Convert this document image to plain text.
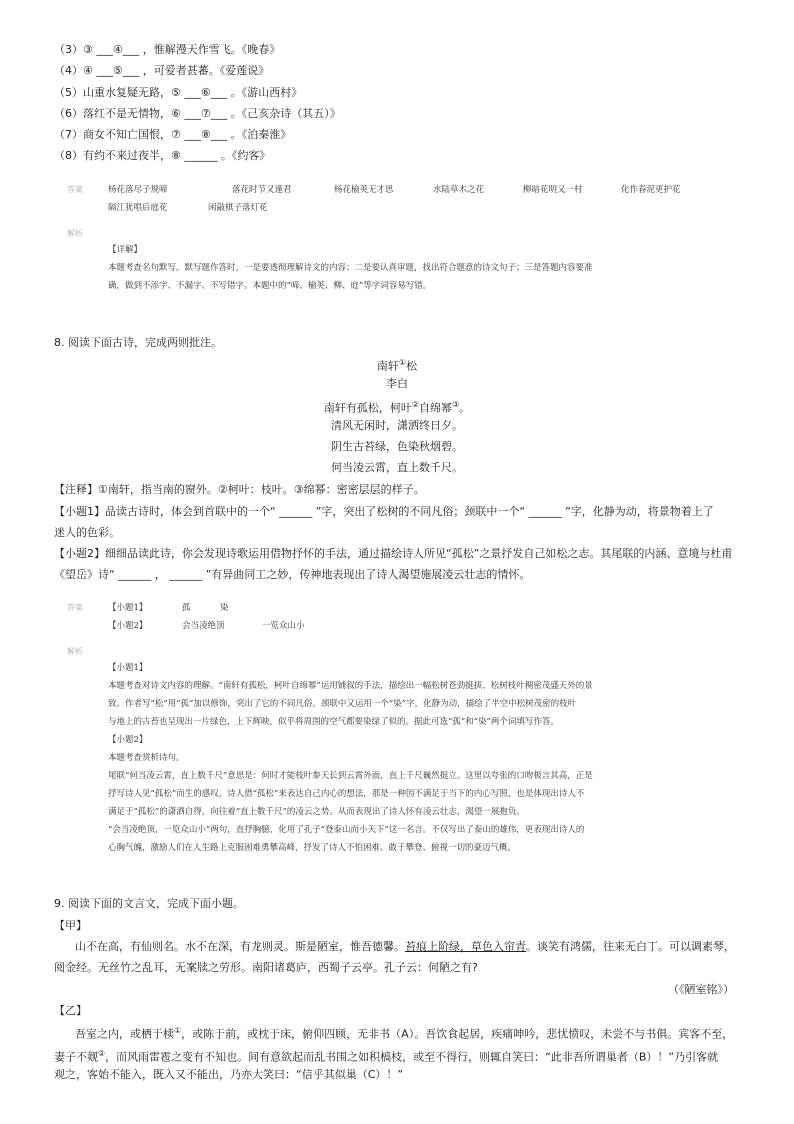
（3）③ ___④___ ，惟解漫天作雪飞。《晚春》
（4）④ ___⑤___ ，可爱者甚蕃。《爱莲说》
（5）山重水复疑无路，⑤ ___⑥___ 。《游山西村》
（6）落红不是无情物，⑥ ___⑦___ 。《己亥杂诗（其五）》
（7）商女不知亡国恨，⑦ ___⑧___ 。《泊秦淮》
（8）有约不来过夜半，⑧ ______ 。《约客》
答案	杨花落尽子规啼	落花时节又逢君	杨花榆荚无才思	水陆草木之花	柳暗花明又一村	化作春泥更护花
隔江犹唱后庭花	闲敲棋子落灯花
解析
【详解】
本题考查名句默写。默写题作答时，一是要透彻理解诗文的内容；二是要认真审题，找出符合题意的诗文句子；三是答题内容要准
确，做到不添字、不漏字、不写错字。本题中的“啼、榆荚、柳、庭”等字词容易写错。
8. 阅读下面古诗，完成两则批注。
南轩①松
李白
南轩有孤松，柯叶②自绵幂③。
清风无闲时，潇洒终日夕。
阴生古苔绿，色染秋烟碧。
何当凌云霄，直上数千尺。
【注释】①南轩，指当南的窗外。②柯叶：枝叶。③绵幂：密密层层的样子。
【小题1】品读古诗时，体会到首联中的一个“ ______ ”字，突出了松树的不同凡俗；颈联中一个“ ______ ”字，化静为动，将景物着上了
迷人的色彩。
【小题2】细细品读此诗，你会发现诗歌运用借物抒怀的手法，通过描绘诗人所见“孤松”之景抒发自己如松之志。其尾联的内涵、意境与杜甫
《望岳》诗“ ______ ， ______ ”有异曲同工之妙，传神地表现出了诗人渴望施展凌云壮志的情怀。
答案	【小题1】	孤	染
【小题2】	会当凌绝顶	一览众山小
解析
【小题1】
本题考查对诗文内容的理解。“南轩有孤松，柯叶自绵幂”运用铺叙的手法，描绘出一幅松树苍劲挺拔、松树枝叶稠密茂盛天外的景
致。作者写“松”用“孤”加以修饰，突出了它的不同凡俗。颈联中又运用一个“染”字，化静为动，描绘了半空中松树茂密的枝叶
与地上的古苔也呈现出一片绿色，上下辉映，似乎将周围的空气都要染绿了似的。据此可选“孤”和“染”两个词填写作答。
【小题2】
本题考查赏析诗句。
尾联“何当凌云霄，直上数千尺”意思是：何时才能枝叶参天长到云霄外面，直上千尺巍然挺立。这里以夸张的口吻极言其高，正是
抒写诗人见“孤松”而生的感叹，诗人借“孤松”来表达自己内心的想法，那是一种因不满足于当下的内心写照，也是体现出诗人不
满足于“孤松”的潇洒自得，向往着“直上数千尺”的凌云之势。从而表现出了诗人怀有凌云壮志，渴望一展抱负。
“会当凌绝顶，一览众山小”两句，直抒胸臆，化用了孔子“登泰山而小天下”这一名言。不仅写出了泰山的雄伟，更表现出诗人的
心胸气魄，激励人们在人生路上克服困难勇攀高峰，抒发了诗人不怕困难、敢于攀登、俯视一切的豪迈气概。
9. 阅读下面的文言文，完成下面小题。
【甲】
山不在高，有仙则名。水不在深，有龙则灵。斯是陋室，惟吾德馨。苔痕上阶绿，草色入帘青。谈笑有鸿儒，往来无白丁。可以调素琴，
阅金经。无丝竹之乱耳，无案牍之劳形。南阳诸葛庐，西蜀子云亭。孔子云：何陋之有?
（《陋室铭》）
【乙】
吾室之内，或栖于椟①，或陈于前，或枕于床，俯仰四顾，无非书（A）。吾饮食起居，疾痛呻吟，悲忧愤叹，未尝不与书俱。宾客不至，
妻子不觌②，而风雨雷雹之变有不知也。间有意欲起而乱书围之如积槁枝，或至不得行，则辄自笑曰：“此非吾所谓巢者（B）！”乃引客就
观之，客始不能入，既入又不能出，乃亦大笑曰：“信乎其似巢（C）！”
